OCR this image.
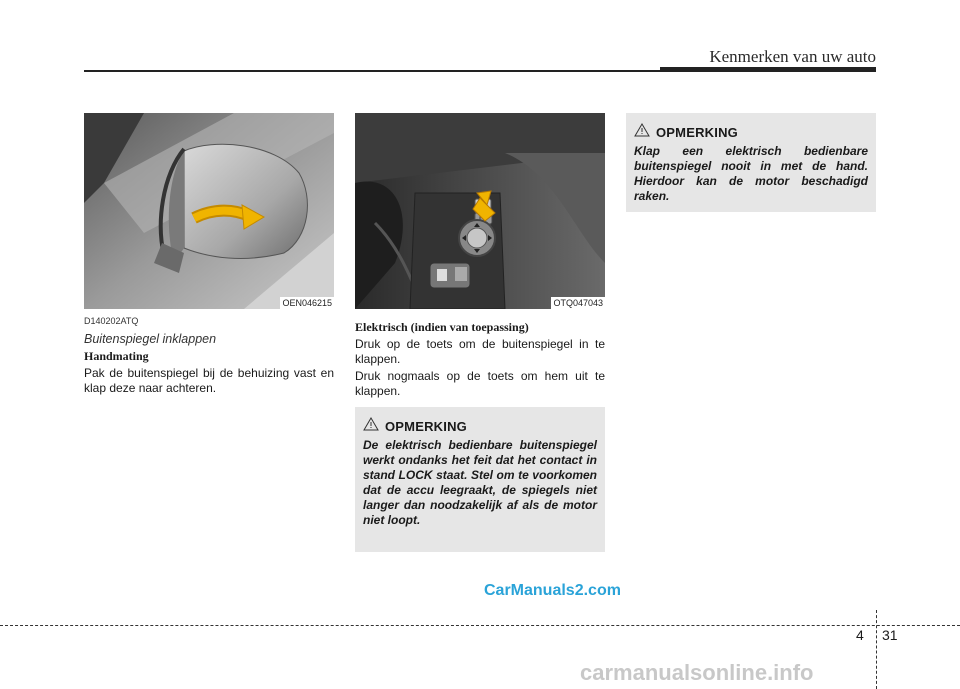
Kenmerken van uw auto
OEN046215	OTQ047043
D140202ATQ
Buitenspiegel inklappen
Handmating

Pak de buitenspiegel bij de behuizing vast en klap deze naar achteren.

Elektrisch (indien van toepassing)

Druk op de toets om de buitenspiegel in te klappen.

Druk nogmaals op de toets om hem uit te klappen.

OPMERKING
Klap een elektrisch bedienbare buitenspiegel nooit in met de hand. Hierdoor kan de motor beschadigd raken.
OPMERKING
De elektrisch bedienbare buitenspiegel werkt ondanks het feit dat het contact in stand LOCK staat. Stel om te voorkomen dat de accu leegraakt, de spiegels niet langer dan noodzakelijk af als de motor niet loopt.
CarManuals2.com
carmanualsonline.info
4 31
